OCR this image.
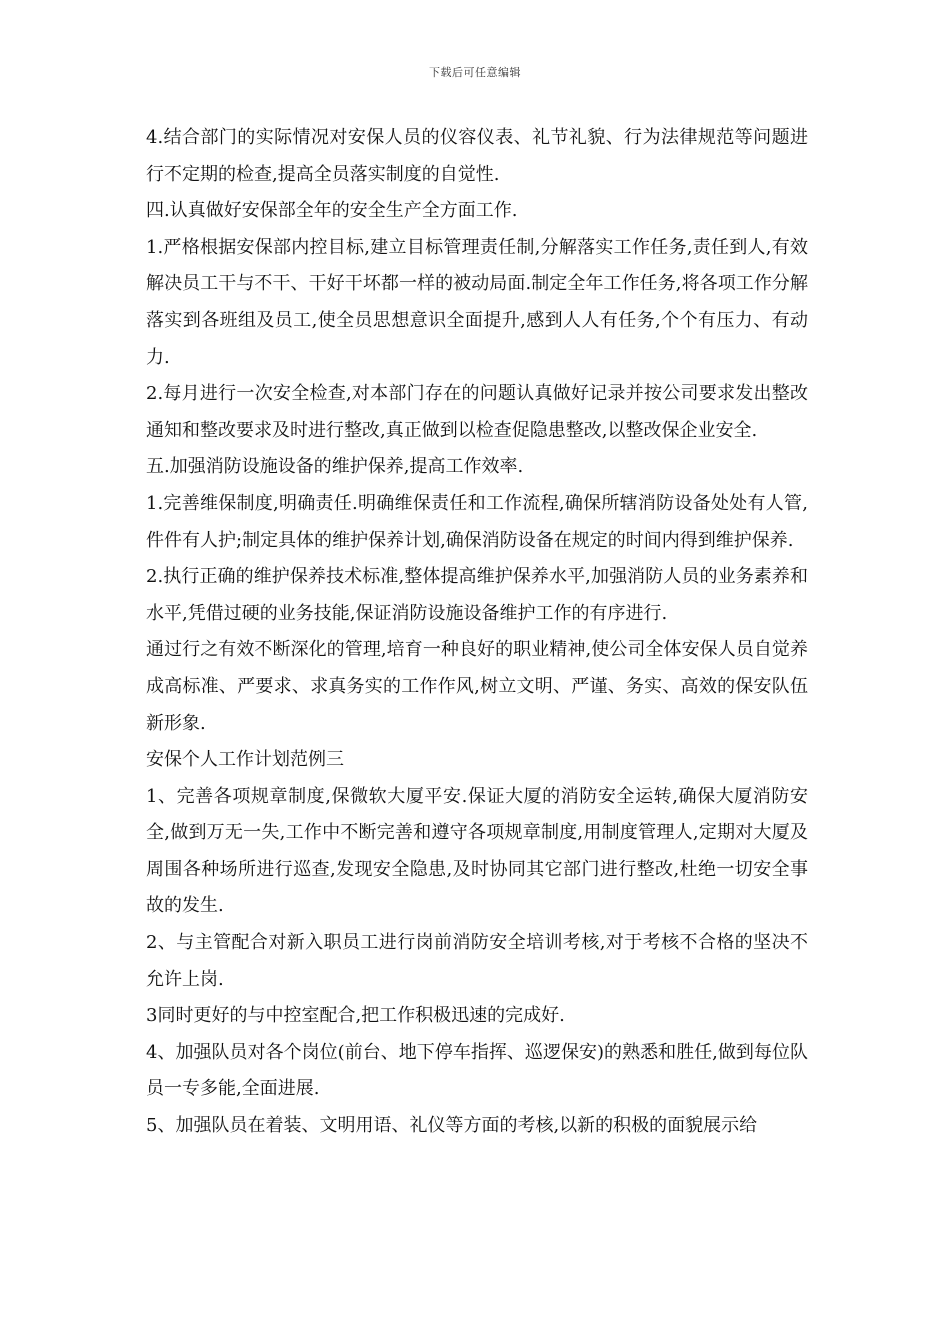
下载后可任意编辑

4.结合部门的实际情况对安保人员的仪容仪表、礼节礼貌、行为法律规范等问题进行不定期的检查,提高全员落实制度的自觉性.

四.认真做好安保部全年的安全生产全方面工作.

1.严格根据安保部内控目标,建立目标管理责任制,分解落实工作任务,责任到人,有效解决员工干与不干、干好干坏都一样的被动局面.制定全年工作任务,将各项工作分解落实到各班组及员工,使全员思想意识全面提升,感到人人有任务,个个有压力、有动力.

2.每月进行一次安全检查,对本部门存在的问题认真做好记录并按公司要求发出整改通知和整改要求及时进行整改,真正做到以检查促隐患整改,以整改保企业安全.

五.加强消防设施设备的维护保养,提高工作效率.

1.完善维保制度,明确责任.明确维保责任和工作流程,确保所辖消防设备处处有人管,件件有人护;制定具体的维护保养计划,确保消防设备在规定的时间内得到维护保养.

2.执行正确的维护保养技术标准,整体提高维护保养水平,加强消防人员的业务素养和水平,凭借过硬的业务技能,保证消防设施设备维护工作的有序进行.

通过行之有效不断深化的管理,培育一种良好的职业精神,使公司全体安保人员自觉养成高标准、严要求、求真务实的工作作风,树立文明、严谨、务实、高效的保安队伍新形象.

安保个人工作计划范例三

1、完善各项规章制度,保微软大厦平安.保证大厦的消防安全运转,确保大厦消防安全,做到万无一失,工作中不断完善和遵守各项规章制度,用制度管理人,定期对大厦及周围各种场所进行巡查,发现安全隐患,及时协同其它部门进行整改,杜绝一切安全事故的发生.

2、与主管配合对新入职员工进行岗前消防安全培训考核,对于考核不合格的坚决不允许上岗.

3同时更好的与中控室配合,把工作积极迅速的完成好.

4、加强队员对各个岗位(前台、地下停车指挥、巡逻保安)的熟悉和胜任,做到每位队员一专多能,全面进展.

5、加强队员在着装、文明用语、礼仪等方面的考核,以新的积极的面貌展示给
